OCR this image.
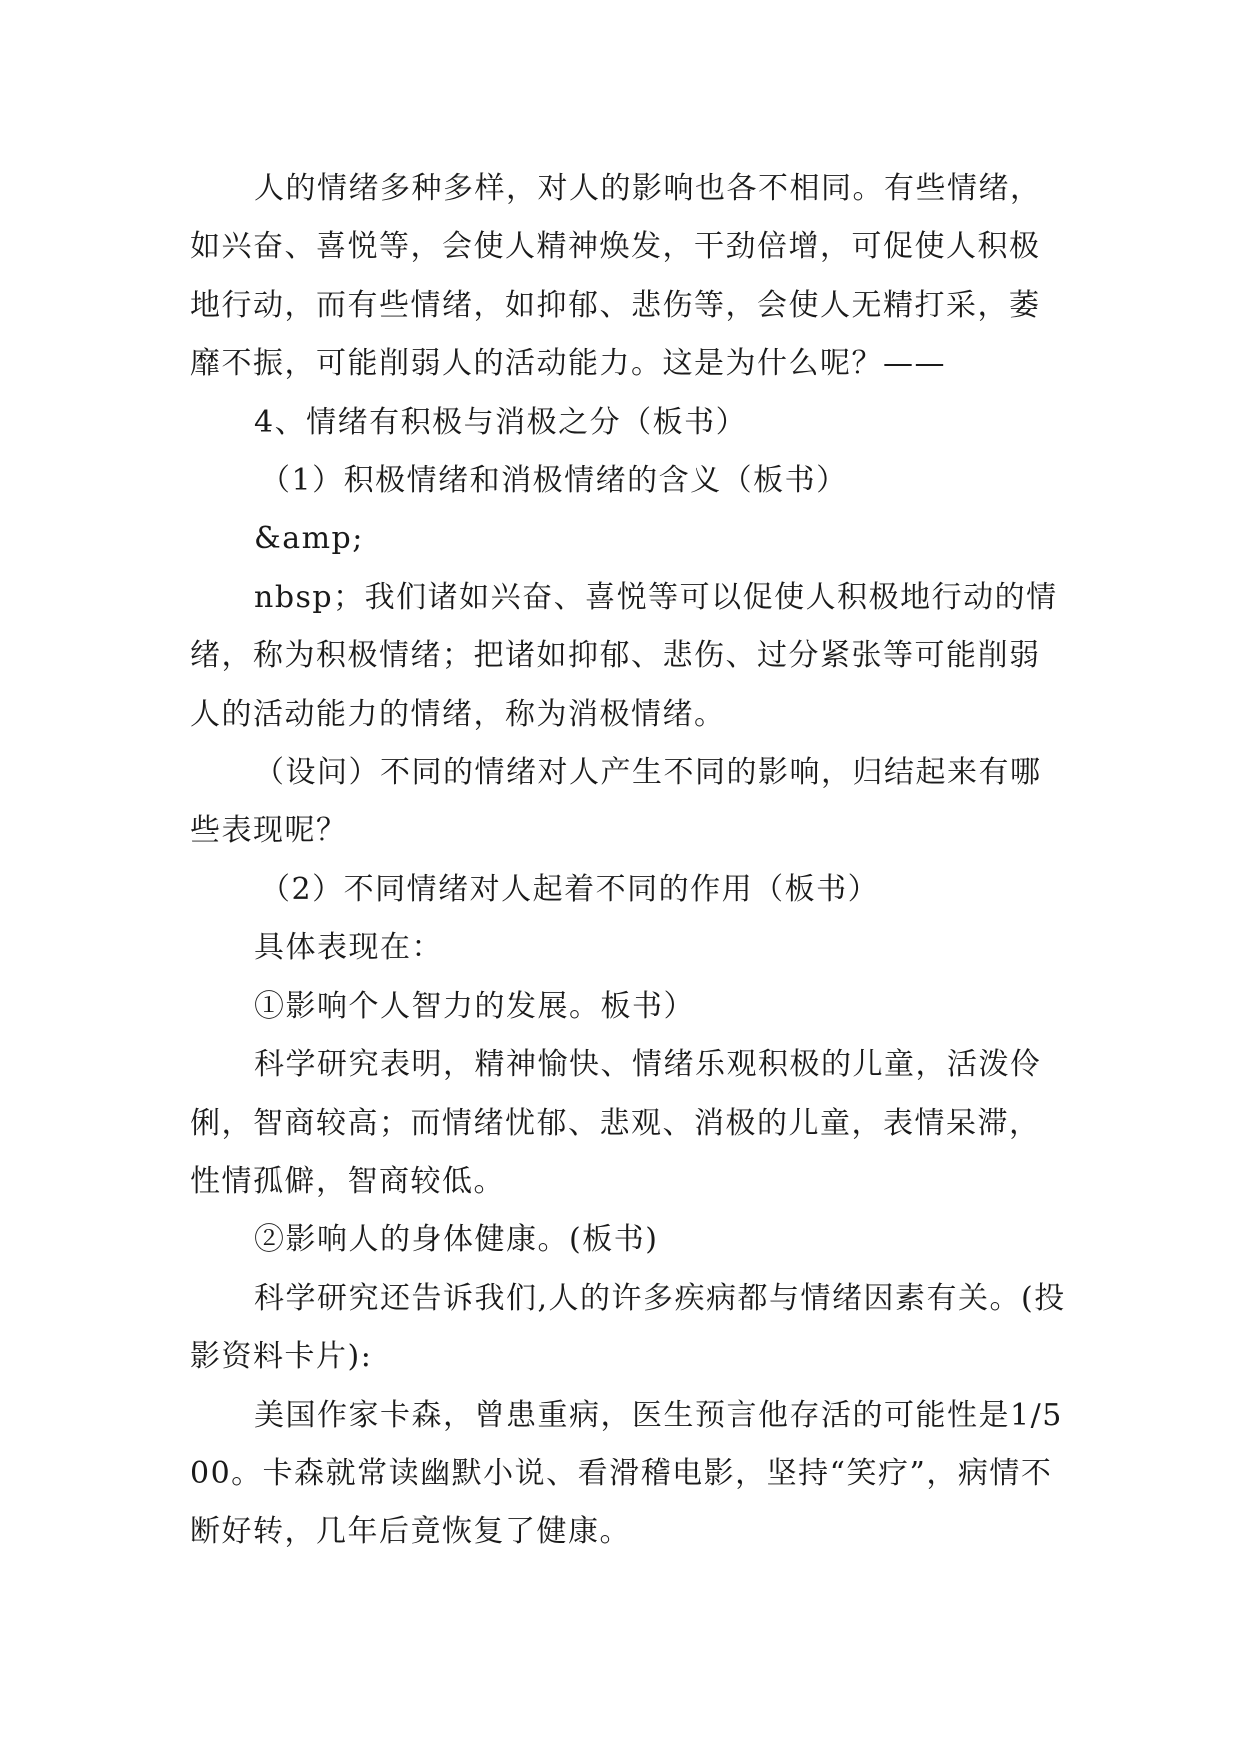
人的情绪多种多样，对人的影响也各不相同。有些情绪，如兴奋、喜悦等，会使人精神焕发，干劲倍增，可促使人积极地行动，而有些情绪，如抑郁、悲伤等，会使人无精打采，萎靡不振，可能削弱人的活动能力。这是为什么呢？——

4、情绪有积极与消极之分（板书）

（1）积极情绪和消极情绪的含义（板书）

&amp;

nbsp；我们诸如兴奋、喜悦等可以促使人积极地行动的情绪，称为积极情绪；把诸如抑郁、悲伤、过分紧张等可能削弱人的活动能力的情绪，称为消极情绪。

（设问）不同的情绪对人产生不同的影响，归结起来有哪些表现呢？

（2）不同情绪对人起着不同的作用（板书）

具体表现在：

①影响个人智力的发展。板书）

科学研究表明，精神愉快、情绪乐观积极的儿童，活泼伶俐，智商较高；而情绪忧郁、悲观、消极的儿童，表情呆滞，性情孤僻，智商较低。

②影响人的身体健康。(板书)

科学研究还告诉我们,人的许多疾病都与情绪因素有关。(投影资料卡片):

美国作家卡森，曾患重病，医生预言他存活的可能性是1/500。卡森就常读幽默小说、看滑稽电影，坚持“笑疗”，病情不断好转，几年后竟恢复了健康。
